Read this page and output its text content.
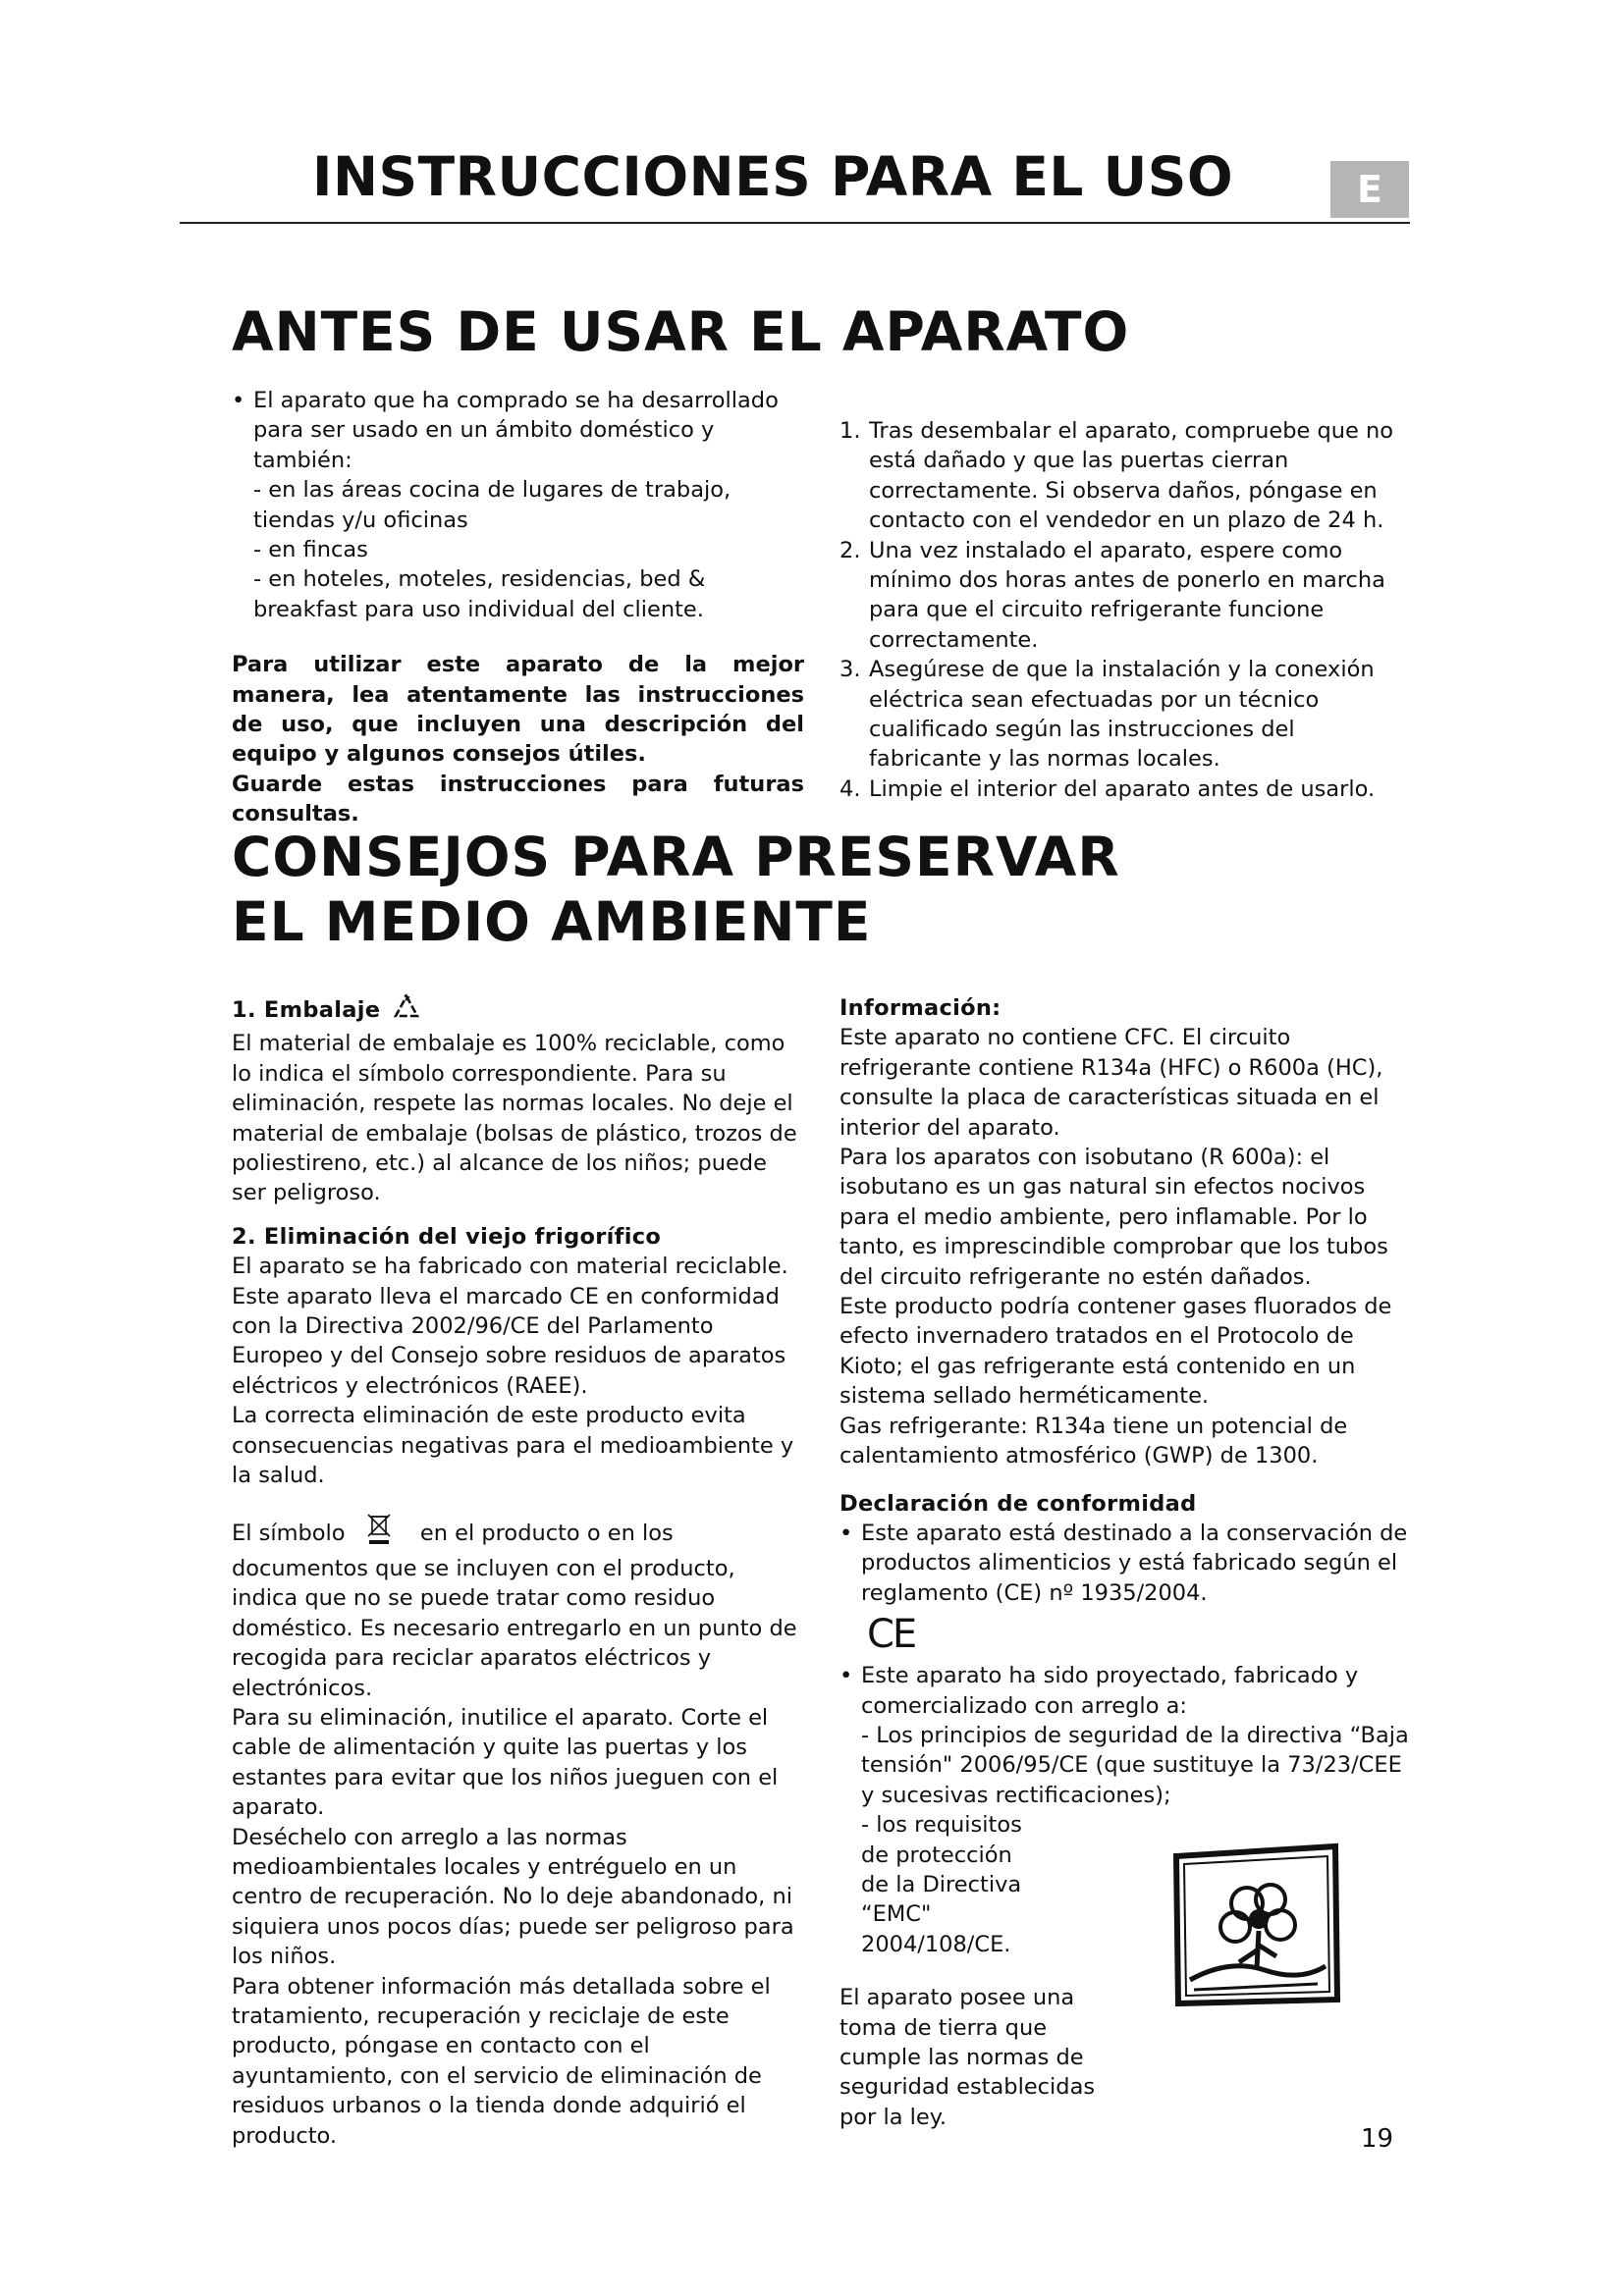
INSTRUCCIONES PARA EL USO	E
ANTES DE USAR EL APARATO
• El aparato que ha comprado se ha desarrollado para ser usado en un ámbito doméstico y también:
- en las áreas cocina de lugares de trabajo, tiendas y/u oficinas
- en fincas
- en hoteles, moteles, residencias, bed & breakfast para uso individual del cliente.

Para utilizar este aparato de la mejor manera, lea atentamente las instrucciones de uso, que incluyen una descripción del equipo y algunos consejos útiles.

Guarde estas instrucciones para futuras consultas.

1. Tras desembalar el aparato, compruebe que no está dañado y que las puertas cierran correctamente. Si observa daños, póngase en contacto con el vendedor en un plazo de 24 h.
2. Una vez instalado el aparato, espere como mínimo dos horas antes de ponerlo en marcha para que el circuito refrigerante funcione correctamente.
3. Asegúrese de que la instalación y la conexión eléctrica sean efectuadas por un técnico cualificado según las instrucciones del fabricante y las normas locales.
4. Limpie el interior del aparato antes de usarlo.
CONSEJOS PARA PRESERVAR
EL MEDIO AMBIENTE

1. Embalaje

El material de embalaje es 100% reciclable, como lo indica el símbolo correspondiente. Para su eliminación, respete las normas locales. No deje el material de embalaje (bolsas de plástico, trozos de poliestireno, etc.) al alcance de los niños; puede ser peligroso.

2. Eliminación del viejo frigorífico

El aparato se ha fabricado con material reciclable. Este aparato lleva el marcado CE en conformidad con la Directiva 2002/96/CE del Parlamento Europeo y del Consejo sobre residuos de aparatos eléctricos y electrónicos (RAEE).

La correcta eliminación de este producto evita consecuencias negativas para el medioambiente y la salud.

El símbolo	en el producto o en los documentos que se incluyen con el producto, indica que no se puede tratar como residuo doméstico. Es necesario entregarlo en un punto de recogida para reciclar aparatos eléctricos y electrónicos.

Para su eliminación, inutilice el aparato. Corte el cable de alimentación y quite las puertas y los estantes para evitar que los niños jueguen con el aparato.

Deséchelo con arreglo a las normas medioambientales locales y entréguelo en un centro de recuperación. No lo deje abandonado, ni siquiera unos pocos días; puede ser peligroso para los niños.

Para obtener información más detallada sobre el tratamiento, recuperación y reciclaje de este producto, póngase en contacto con el ayuntamiento, con el servicio de eliminación de residuos urbanos o la tienda donde adquirió el producto.

Información:

Este aparato no contiene CFC. El circuito refrigerante contiene R134a (HFC) o R600a (HC), consulte la placa de características situada en el interior del aparato.

Para los aparatos con isobutano (R 600a): el isobutano es un gas natural sin efectos nocivos para el medio ambiente, pero inflamable. Por lo tanto, es imprescindible comprobar que los tubos del circuito refrigerante no estén dañados.

Este producto podría contener gases fluorados de efecto invernadero tratados en el Protocolo de Kioto; el gas refrigerante está contenido en un sistema sellado herméticamente.

Gas refrigerante: R134a tiene un potencial de calentamiento atmosférico (GWP) de 1300.

Declaración de conformidad

• Este aparato está destinado a la conservación de productos alimenticios y está fabricado según el reglamento (CE) nº 1935/2004.
CE
• Este aparato ha sido proyectado, fabricado y comercializado con arreglo a:
- Los principios de seguridad de la directiva “Baja tensión" 2006/95/CE (que sustituye la 73/23/CEE y sucesivas rectificaciones);
- los requisitos de protección de la Directiva “EMC" 2004/108/CE.

El aparato posee una toma de tierra que cumple las normas de seguridad establecidas por la ley.

19
